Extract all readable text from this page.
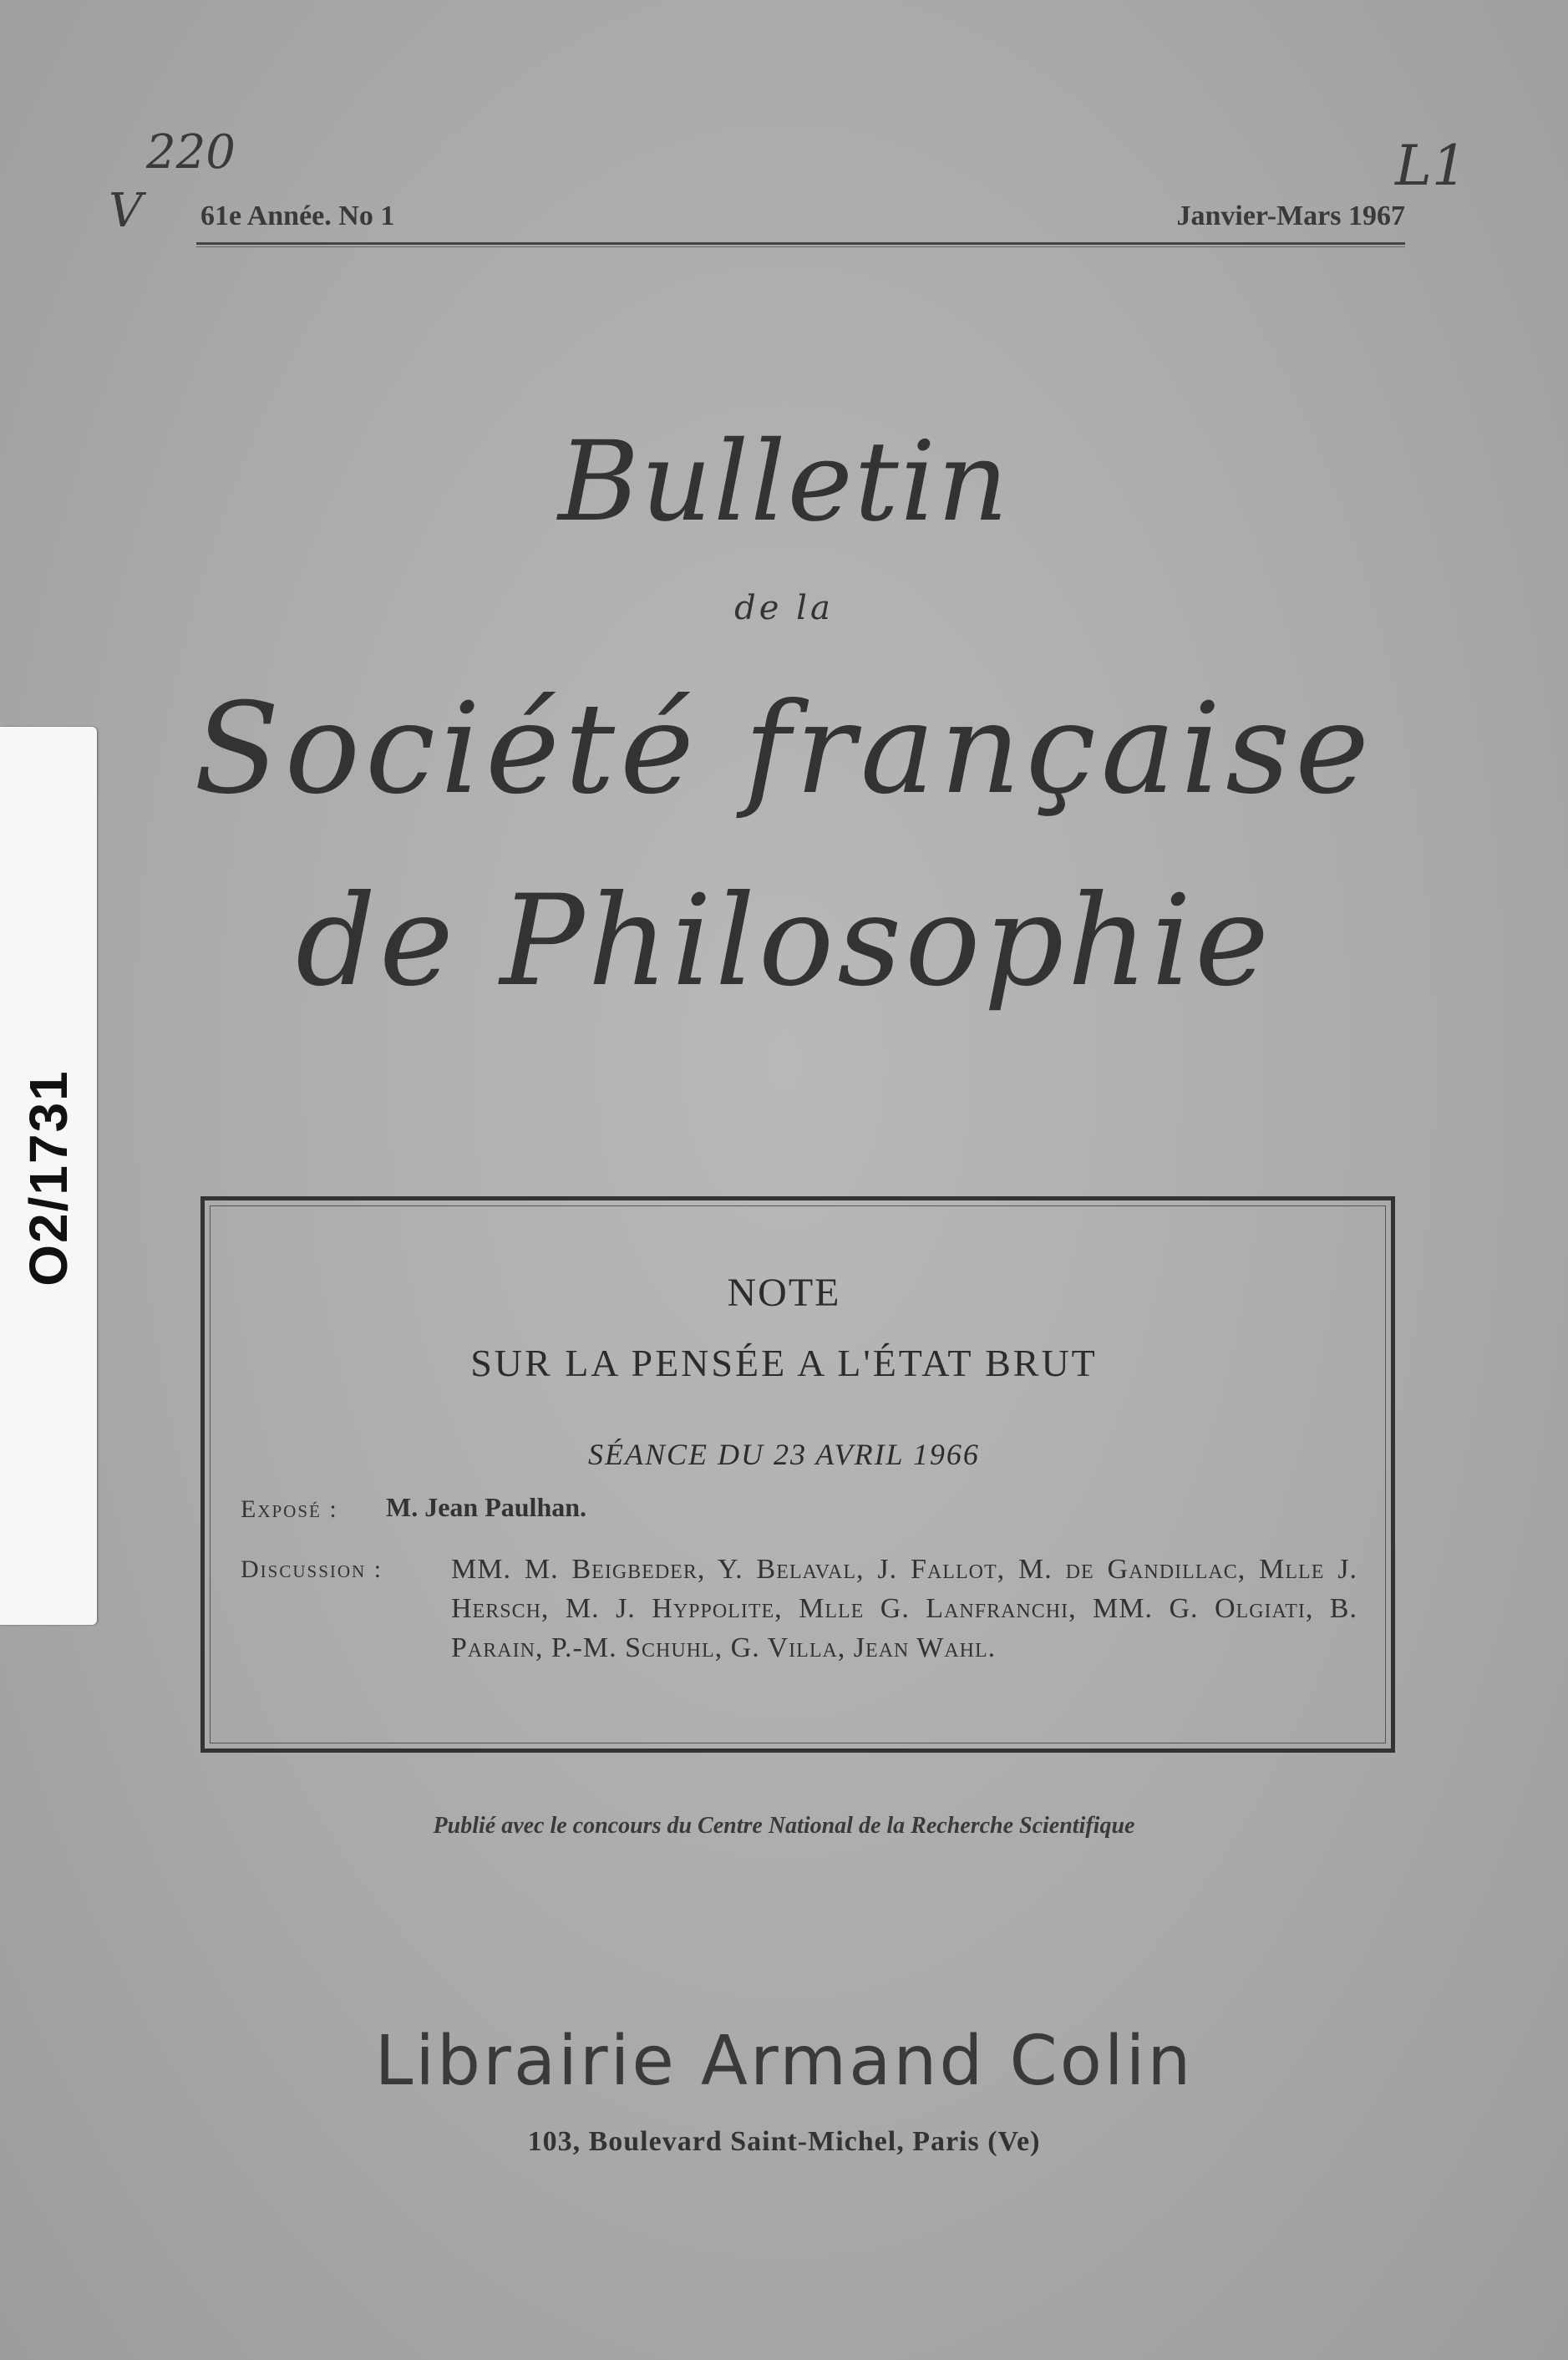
220
V
L1
61e Année. No 1	Janvier-Mars 1967
Bulletin
de la
Société française
de Philosophie
NOTE
SUR LA PENSÉE A L'ÉTAT BRUT
SÉANCE DU 23 AVRIL 1966
Exposé : M. Jean Paulhan.
Discussion : MM. M. Beigbeder, Y. Belaval, J. Fallot, M. de Gandillac, Mlle J. Hersch, M. J. Hyppolite, Mlle G. Lanfranchi, MM. G. Olgiati, B. Parain, P.-M. Schuhl, G. Villa, Jean Wahl.
Publié avec le concours du Centre National de la Recherche Scientifique
Librairie Armand Colin
103, Boulevard Saint-Michel, Paris (Ve)
O2/1731
